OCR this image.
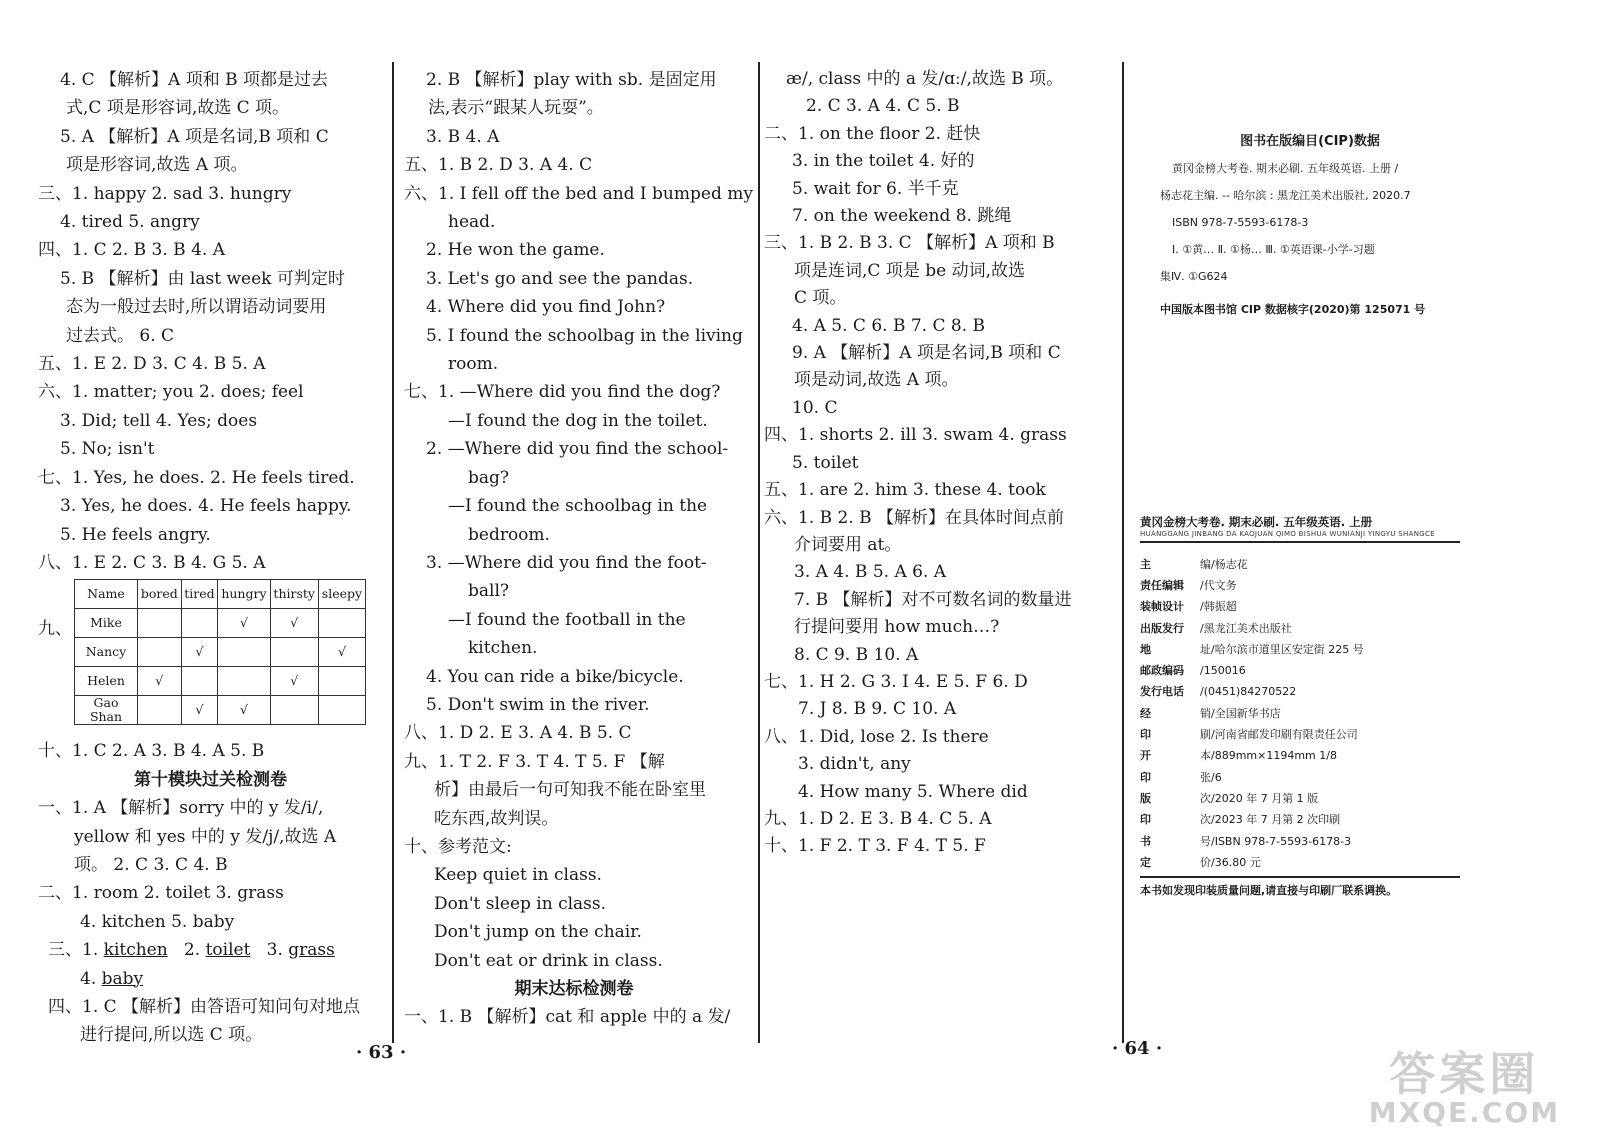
4. C 【解析】A 项和 B 项都是过去

式,C 项是形容词,故选 C 项。

5. A 【解析】A 项是名词,B 项和 C

项是形容词,故选 A 项。

三、1. happy 2. sad 3. hungry

4. tired 5. angry

四、1. C 2. B 3. B 4. A

5. B 【解析】由 last week 可判定时

态为一般过去时,所以谓语动词要用

过去式。 6. C

五、1. E 2. D 3. C 4. B 5. A

六、1. matter; you 2. does; feel

3. Did; tell 4. Yes; does

5. No; isn't

七、1. Yes, he does. 2. He feels tired.

3. Yes, he does. 4. He feels happy.

5. He feels angry.

八、1. E 2. C 3. B 4. G 5. A

九、
Name	bored	tired	hungry	thirsty	sleepy
Mike			√	√	
Nancy		√			√
Helen	√			√	
Gao Shan		√	√		

十、1. C 2. A 3. B 4. A 5. B

第十模块过关检测卷

一、1. A 【解析】sorry 中的 y 发/i/,

yellow 和 yes 中的 y 发/j/,故选 A

项。 2. C 3. C 4. B

二、1. room 2. toilet 3. grass

4. kitchen 5. baby

三、1. kitchen 2. toilet 3. grass

4. baby

四、1. C 【解析】由答语可知问句对地点

进行提问,所以选 C 项。

2. B 【解析】play with sb. 是固定用

法,表示“跟某人玩耍”。

3. B 4. A

五、1. B 2. D 3. A 4. C

六、1. I fell off the bed and I bumped my

head.

2. He won the game.

3. Let's go and see the pandas.

4. Where did you find John?

5. I found the schoolbag in the living

room.

七、1. —Where did you find the dog?

—I found the dog in the toilet.

2. —Where did you find the school-

bag?

—I found the schoolbag in the

bedroom.

3. —Where did you find the foot-

ball?

—I found the football in the

kitchen.

4. You can ride a bike/bicycle.

5. Don't swim in the river.

八、1. D 2. E 3. A 4. B 5. C

九、1. T 2. F 3. T 4. T 5. F 【解

析】由最后一句可知我不能在卧室里

吃东西,故判误。

十、参考范文:

Keep quiet in class.

Don't sleep in class.

Don't jump on the chair.

Don't eat or drink in class.

期末达标检测卷

一、1. B 【解析】cat 和 apple 中的 a 发/

æ/, class 中的 a 发/ɑː/,故选 B 项。

2. C 3. A 4. C 5. B

二、1. on the floor 2. 赶快

3. in the toilet 4. 好的

5. wait for 6. 半千克

7. on the weekend 8. 跳绳

三、1. B 2. B 3. C 【解析】A 项和 B

项是连词,C 项是 be 动词,故选

C 项。

4. A 5. C 6. B 7. C 8. B

9. A 【解析】A 项是名词,B 项和 C

项是动词,故选 A 项。

10. C

四、1. shorts 2. ill 3. swam 4. grass

5. toilet

五、1. are 2. him 3. these 4. took

六、1. B 2. B 【解析】在具体时间点前

介词要用 at。

3. A 4. B 5. A 6. A

7. B 【解析】对不可数名词的数量进

行提问要用 how much…?

8. C 9. B 10. A

七、1. H 2. G 3. I 4. E 5. F 6. D

7. J 8. B 9. C 10. A

八、1. Did, lose 2. Is there

3. didn't, any

4. How many 5. Where did

九、1. D 2. E 3. B 4. C 5. A

十、1. F 2. T 3. F 4. T 5. F

图书在版编目(CIP)数据

黄冈金榜大考卷. 期末必刷. 五年级英语. 上册 /

杨志花主编. -- 哈尔滨 : 黑龙江美术出版社, 2020.7

ISBN 978-7-5593-6178-3

Ⅰ. ①黄… Ⅱ. ①杨… Ⅲ. ①英语课-小学-习题

集Ⅳ. ①G624

中国版本图书馆 CIP 数据核字(2020)第 125071 号

黄冈金榜大考卷. 期末必刷. 五年级英语. 上册
HUANGGANG JINBANG DA KAOJUAN QIMO BISHUA WUNIANJI YINGYU SHANGCE
主	编/杨志花
责任编辑	/代文务
装帧设计	/韩振超
出版发行	/黑龙江美术出版社
地	址/哈尔滨市道里区安定街 225 号
邮政编码	/150016
发行电话	/(0451)84270522
经	销/全国新华书店
印	刷/河南省邮发印刷有限责任公司
开	本/889mm×1194mm 1/8
印	张/6
版	次/2020 年 7 月第 1 版
印	次/2023 年 7 月第 2 次印刷
书	号/ISBN 978-7-5593-6178-3
定	价/36.80 元
本书如发现印装质量问题,请直接与印刷厂联系调换。
· 63 ·	· 64 ·	答案圈
MXQE.COM
